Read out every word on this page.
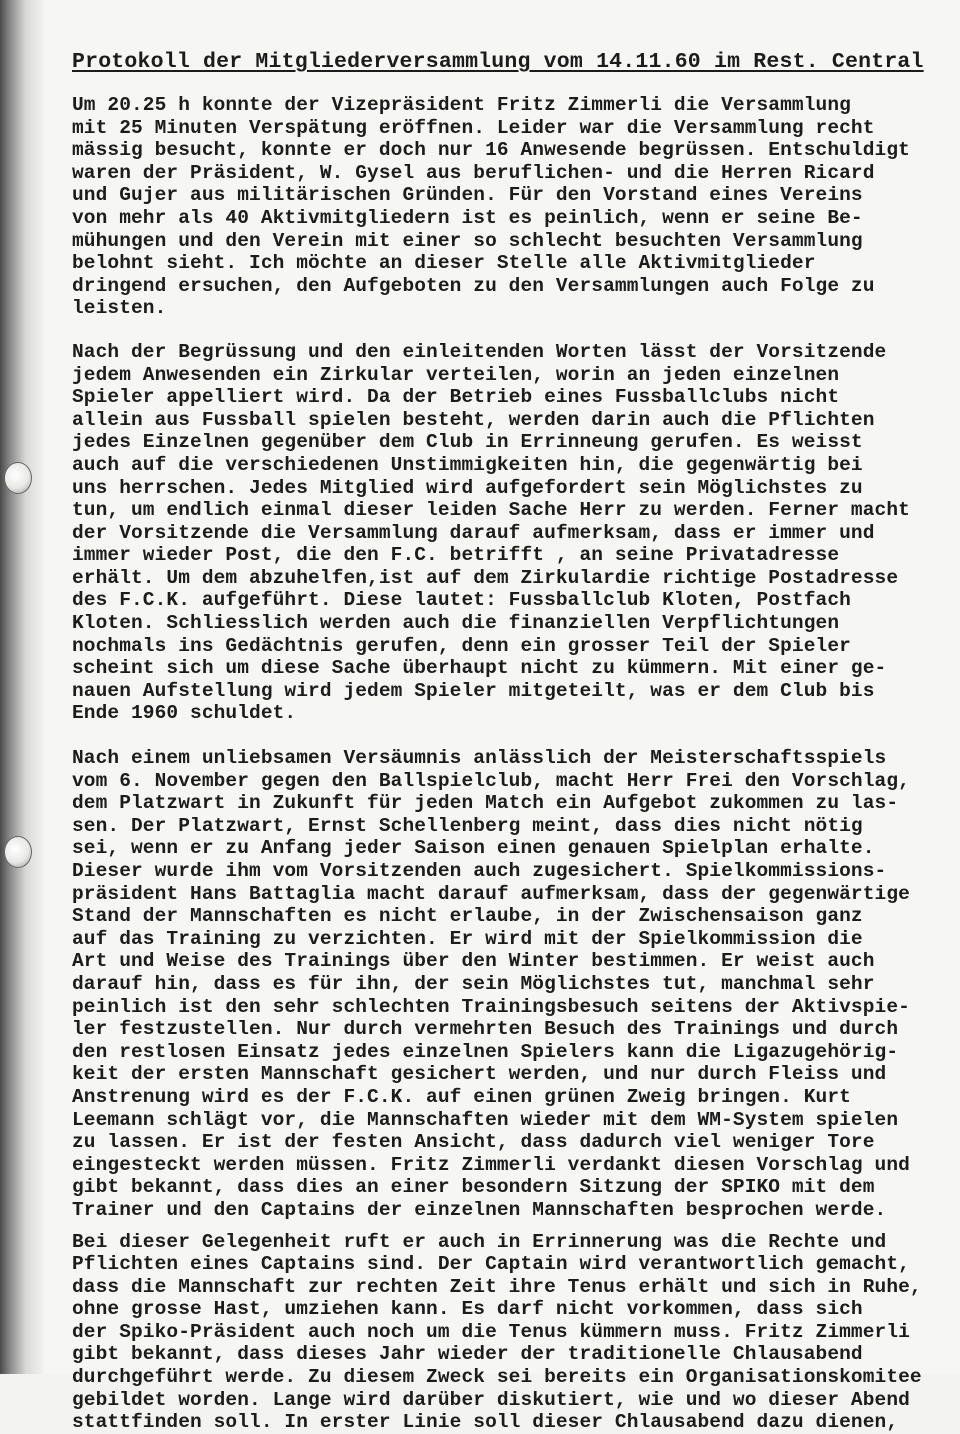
Protokoll der Mitgliederversammlung vom 14.11.60 im Rest. Central
Um 20.25 h konnte der Vizepräsident Fritz Zimmerli die Versammlung
mit 25 Minuten Verspätung eröffnen. Leider war die Versammlung recht
mässig besucht, konnte er doch nur 16 Anwesende begrüssen. Entschuldigt
waren der Präsident, W. Gysel aus beruflichen- und die Herren Ricard
und Gujer aus militärischen Gründen. Für den Vorstand eines Vereins
von mehr als 40 Aktivmitgliedern ist es peinlich, wenn er seine Be-
mühungen und den Verein mit einer so schlecht besuchten Versammlung
belohnt sieht. Ich möchte an dieser Stelle alle Aktivmitglieder
dringend ersuchen, den Aufgeboten zu den Versammlungen auch Folge zu
leisten.
Nach der Begrüssung und den einleitenden Worten lässt der Vorsitzende
jedem Anwesenden ein Zirkular verteilen, worin an jeden einzelnen
Spieler appelliert wird. Da der Betrieb eines Fussballclubs nicht
allein aus Fussball spielen besteht, werden darin auch die Pflichten
jedes Einzelnen gegenüber dem Club in Errinneung gerufen. Es weisst
auch auf die verschiedenen Unstimmigkeiten hin, die gegenwärtig bei
uns herrschen. Jedes Mitglied wird aufgefordert sein Möglichstes zu
tun, um endlich einmal dieser leiden Sache Herr zu werden. Ferner macht
der Vorsitzende die Versammlung darauf aufmerksam, dass er immer und
immer wieder Post, die den F.C. betrifft , an seine Privatadresse
erhält. Um dem abzuhelfen,ist auf dem Zirkulardie richtige Postadresse
des F.C.K. aufgeführt. Diese lautet: Fussballclub Kloten, Postfach
Kloten. Schliesslich werden auch die finanziellen Verpflichtungen
nochmals ins Gedächtnis gerufen, denn ein grosser Teil der Spieler
scheint sich um diese Sache überhaupt nicht zu kümmern. Mit einer ge-
nauen Aufstellung wird jedem Spieler mitgeteilt, was er dem Club bis
Ende 1960 schuldet.
Nach einem unliebsamen Versäumnis anlässlich der Meisterschaftsspiels
vom 6. November gegen den Ballspielclub, macht Herr Frei den Vorschlag,
dem Platzwart in Zukunft für jeden Match ein Aufgebot zukommen zu las-
sen. Der Platzwart, Ernst Schellenberg meint, dass dies nicht nötig
sei, wenn er zu Anfang jeder Saison einen genauen Spielplan erhalte.
Dieser wurde ihm vom Vorsitzenden auch zugesichert. Spielkommissions-
präsident Hans Battaglia macht darauf aufmerksam, dass der gegenwärtige
Stand der Mannschaften es nicht erlaube, in der Zwischensaison ganz
auf das Training zu verzichten. Er wird mit der Spielkommission die
Art und Weise des Trainings über den Winter bestimmen. Er weist auch
darauf hin, dass es für ihn, der sein Möglichstes tut, manchmal sehr
peinlich ist den sehr schlechten Trainingsbesuch seitens der Aktivspie-
ler festzustellen. Nur durch vermehrten Besuch des Trainings und durch
den restlosen Einsatz jedes einzelnen Spielers kann die Ligazugehörig-
keit der ersten Mannschaft gesichert werden, und nur durch Fleiss und
Anstrenung wird es der F.C.K. auf einen grünen Zweig bringen. Kurt
Leemann schlägt vor, die Mannschaften wieder mit dem WM-System spielen
zu lassen. Er ist der festen Ansicht, dass dadurch viel weniger Tore
eingesteckt werden müssen. Fritz Zimmerli verdankt diesen Vorschlag und
gibt bekannt, dass dies an einer besondern Sitzung der SPIKO mit dem
Trainer und den Captains der einzelnen Mannschaften besprochen werde.
Bei dieser Gelegenheit ruft er auch in Errinnerung was die Rechte und
Pflichten eines Captains sind. Der Captain wird verantwortlich gemacht,
dass die Mannschaft zur rechten Zeit ihre Tenus erhält und sich in Ruhe,
ohne grosse Hast, umziehen kann. Es darf nicht vorkommen, dass sich
der Spiko-Präsident auch noch um die Tenus kümmern muss. Fritz Zimmerli
gibt bekannt, dass dieses Jahr wieder der traditionelle Chlausabend
durchgeführt werde. Zu diesem Zweck sei bereits ein Organisationskomitee
gebildet worden. Lange wird darüber diskutiert, wie und wo dieser Abend
stattfinden soll. In erster Linie soll dieser Chlausabend dazu dienen,
